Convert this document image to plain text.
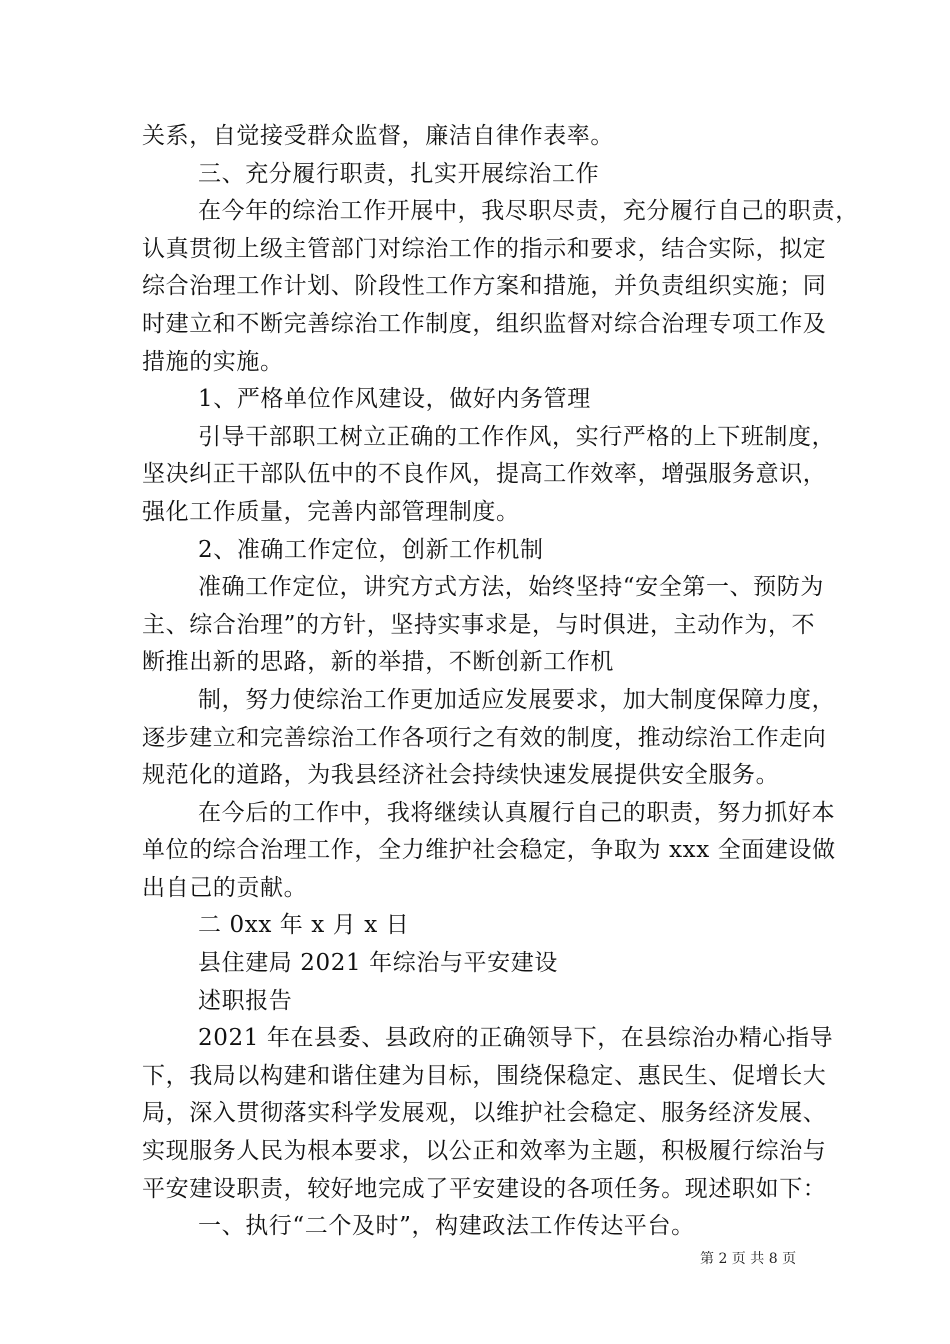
关系，自觉接受群众监督，廉洁自律作表率。
三、充分履行职责，扎实开展综治工作
在今年的综治工作开展中，我尽职尽责，充分履行自己的职责，
认真贯彻上级主管部门对综治工作的指示和要求，结合实际，拟定
综合治理工作计划、阶段性工作方案和措施，并负责组织实施；同
时建立和不断完善综治工作制度，组织监督对综合治理专项工作及
措施的实施。
1、严格单位作风建设，做好内务管理
引导干部职工树立正确的工作作风，实行严格的上下班制度，
坚决纠正干部队伍中的不良作风，提高工作效率，增强服务意识，
强化工作质量，完善内部管理制度。
2、准确工作定位，创新工作机制
准确工作定位，讲究方式方法，始终坚持“安全第一、预防为
主、综合治理”的方针，坚持实事求是，与时俱进，主动作为，不
断推出新的思路，新的举措，不断创新工作机
制，努力使综治工作更加适应发展要求，加大制度保障力度，
逐步建立和完善综治工作各项行之有效的制度，推动综治工作走向
规范化的道路，为我县经济社会持续快速发展提供安全服务。
在今后的工作中，我将继续认真履行自己的职责，努力抓好本
单位的综合治理工作，全力维护社会稳定，争取为 xxx 全面建设做
出自己的贡献。
二 0xx 年 x 月 x 日
县住建局 2021 年综治与平安建设
述职报告
2021 年在县委、县政府的正确领导下，在县综治办精心指导
下，我局以构建和谐住建为目标，围绕保稳定、惠民生、促增长大
局，深入贯彻落实科学发展观，以维护社会稳定、服务经济发展、
实现服务人民为根本要求，以公正和效率为主题，积极履行综治与
平安建设职责，较好地完成了平安建设的各项任务。现述职如下：
一、执行“二个及时”，构建政法工作传达平台。
第 2 页 共 8 页
